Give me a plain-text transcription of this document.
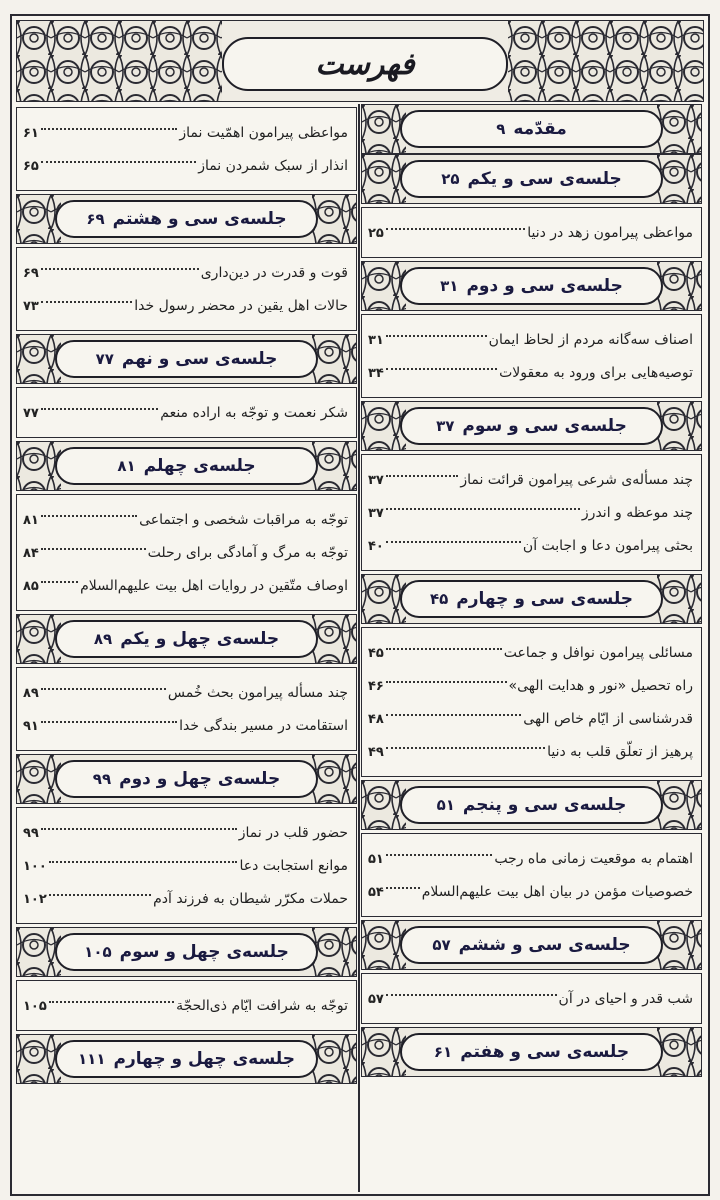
فهرست
مواعظی پیرامون اهمّیت نماز
۶۱
انذار از سبک شمردن نماز
۶۵
جلسه‌ی سی و هشتم
۶۹
قوت و قدرت در دین‌داری
۶۹
حالات اهل یقین در محضر رسول خدا
۷۳
جلسه‌ی سی و نهم
۷۷
شکر نعمت و توجّه به اراده منعم
۷۷
جلسه‌ی چهلم
۸۱
توجّه به مراقبات شخصی و اجتماعی
۸۱
توجّه به مرگ و آمادگی برای رحلت
۸۴
اوصاف متّقین در روایات اهل بیت علیهم‌السلام
۸۵
جلسه‌ی چهل و یکم
۸۹
چند مسأله پیرامون بحث خُمس
۸۹
استقامت در مسیر بندگی خدا
۹۱
جلسه‌ی چهل و دوم
۹۹
حضور قلب در نماز
۹۹
موانع استجابت دعا
۱۰۰
حملات مکرّر شیطان به فرزند آدم
۱۰۲
جلسه‌ی چهل و سوم
۱۰۵
توجّه به شرافت ایّام ذی‌الحجّة
۱۰۵
جلسه‌ی چهل و چهارم
۱۱۱
مقدّمه
۹
جلسه‌ی سی و یکم
۲۵
مواعظی پیرامون زهد در دنیا
۲۵
جلسه‌ی سی و دوم
۳۱
اصناف سه‌گانه مردم از لحاظ ایمان
۳۱
توصیه‌هایی برای ورود به معقولات
۳۴
جلسه‌ی سی و سوم
۳۷
چند مسأله‌ی شرعی پیرامون قرائت نماز
۳۷
چند موعظه و اندرز
۳۷
بحثی پیرامون دعا و اجابت آن
۴۰
جلسه‌ی سی و چهارم
۴۵
مسائلی پیرامون نوافل و جماعت
۴۵
راه تحصیل «نور و هدایت الهی»
۴۶
قدرشناسی از ایّام خاص الهی
۴۸
پرهیز از تعلّق قلب به دنیا
۴۹
جلسه‌ی سی و پنجم
۵۱
اهتمام به موقعیت زمانی ماه رجب
۵۱
خصوصیات مؤمن در بیان اهل بیت علیهم‌السلام
۵۴
جلسه‌ی سی و ششم
۵۷
شب قدر و احیای در آن
۵۷
جلسه‌ی سی و هفتم
۶۱
